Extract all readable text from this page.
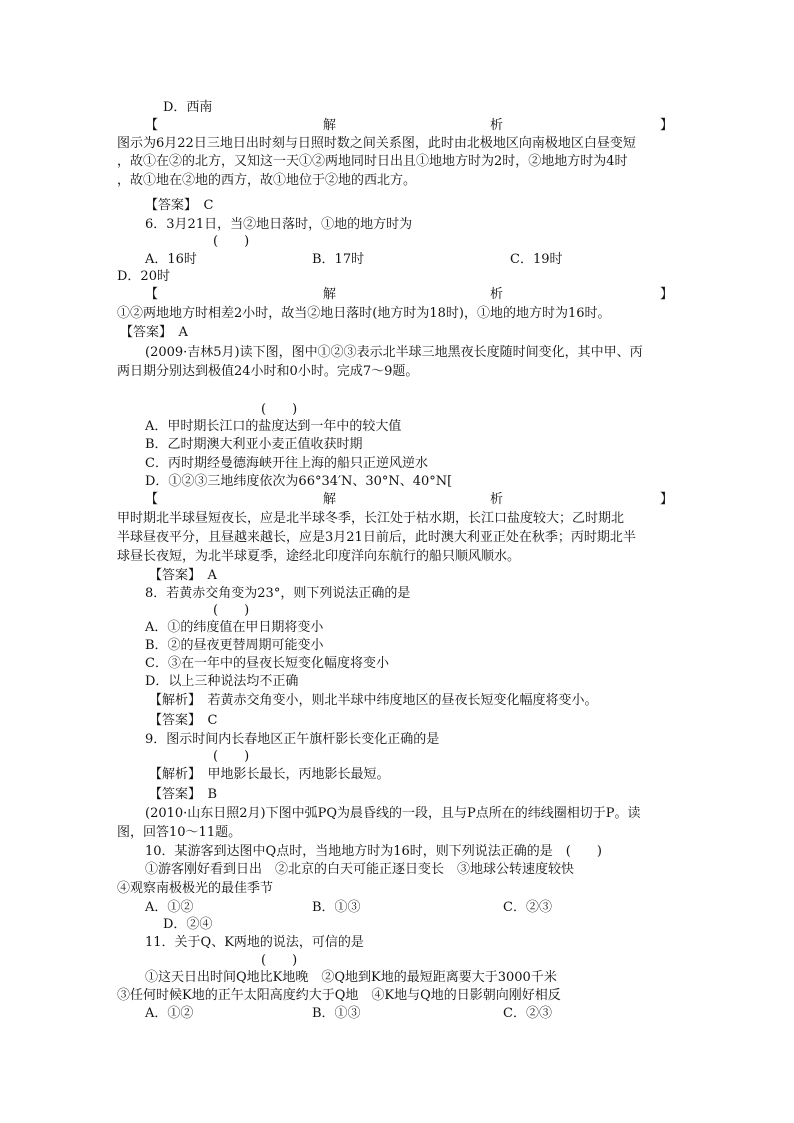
D．西南
【	解	析	】
图示为6月22日三地日出时刻与日照时数之间关系图，此时由北极地区向南极地区白昼变短
，故①在②的北方，又知这一天①②两地同时日出且①地地方时为2时，②地地方时为4时
，故①地在②地的西方，故①地位于②地的西北方。
【答案】　C
6．3月21日，当②地日落时，①地的地方时为
(　　)
A．16时	B．17时	C．19时
D．20时
【	解	析	】
①②两地地方时相差2小时，故当②地日落时(地方时为18时)，①地的地方时为16时。
【答案】　A
(2009·吉林5月)读下图，图中①②③表示北半球三地黑夜长度随时间变化，其中甲、丙
两日期分别达到极值24小时和0小时。完成7～9题。
(　　)
A．甲时期长江口的盐度达到一年中的较大值
B．乙时期澳大利亚小麦正值收获时期
C．丙时期经曼德海峡开往上海的船只正逆风逆水
D．①②③三地纬度依次为66°34′N、30°N、40°N[
【	解	析	】
甲时期北半球昼短夜长，应是北半球冬季，长江处于枯水期，长江口盐度较大；乙时期北
半球昼夜平分，且昼越来越长，应是3月21日前后，此时澳大利亚正处在秋季；丙时期北半
球昼长夜短，为北半球夏季，途经北印度洋向东航行的船只顺风顺水。
【答案】　A
8．若黄赤交角变为23°，则下列说法正确的是
(　　)
A．①的纬度值在甲日期将变小
B．②的昼夜更替周期可能变小
C．③在一年中的昼夜长短变化幅度将变小
D．以上三种说法均不正确
【解析】　若黄赤交角变小，则北半球中纬度地区的昼夜长短变化幅度将变小。
【答案】　C
9．图示时间内长春地区正午旗杆影长变化正确的是
(　　)
【解析】　甲地影长最长，丙地影长最短。
【答案】　B
(2010·山东日照2月)下图中弧PQ为晨昏线的一段，且与P点所在的纬线圈相切于P。读
图，回答10～11题。
10．某游客到达图中Q点时，当地地方时为16时，则下列说法正确的是　(　　)
①游客刚好看到日出　②北京的白天可能正逐日变长　③地球公转速度较快
④观察南极极光的最佳季节
A．①②	B．①③	C．②③
D．②④
11．关于Q、K两地的说法，可信的是
(　　)
①这天日出时间Q地比K地晚　②Q地到K地的最短距离要大于3000千米
③任何时候K地的正午太阳高度约大于Q地　④K地与Q地的日影朝向刚好相反
A．①②	B．①③	C．②③
